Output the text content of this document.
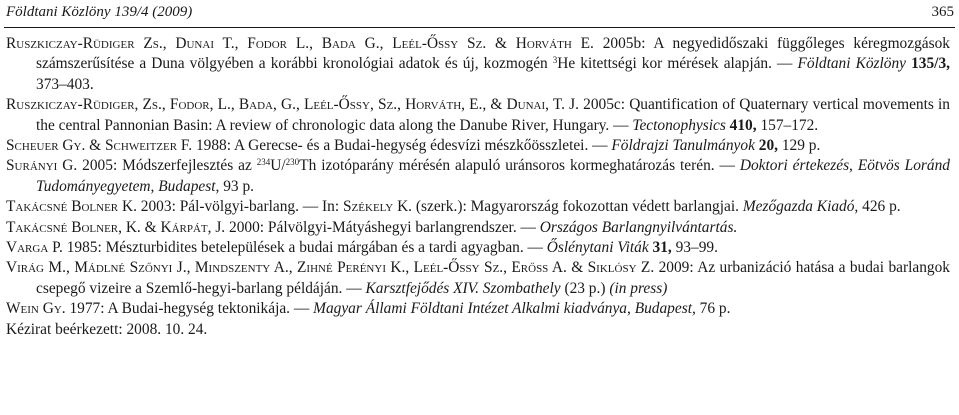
Földtani Közlöny 139/4 (2009)	365

Ruszkiczay-Rüdiger Zs., Dunai T., Fodor L., Bada G., Leél-Őssy Sz. & Horváth E. 2005b: A negyedidőszaki függőleges kéregmozgások számszerűsítése a Duna völgyében a korábbi kronológiai adatok és új, kozmogén $^3$He kitettségi kor mérések alapján. — Földtani Közlöny 135/3, 373–403.

Ruszkiczay-Rüdiger, Zs., Fodor, L., Bada, G., Leél-Őssy, Sz., Horváth, E., & Dunai, T. J. 2005c: Quantification of Quaternary vertical movements in the central Pannonian Basin: A review of chronologic data along the Danube River, Hungary. — Tectonophysics 410, 157–172.

Scheuer Gy. & Schweitzer F. 1988: A Gerecse- és a Budai-hegység édesvízi mészkőösszletei. — Földrajzi Tanulmányok 20, 129 p.

Surányi G. 2005: Módszerfejlesztés az $^{234}$U/$^{230}$Th izotóparány mérésén alapuló uránsoros kormeghatározás terén. — Doktori értekezés, Eötvös Loránd Tudományegyetem, Budapest, 93 p.

Takácsné Bolner K. 2003: Pál-völgyi-barlang. — In: Székely K. (szerk.): Magyarország fokozottan védett barlangjai. Mezőgazda Kiadó, 426 p.

Takácsné Bolner, K. & Kárpát, J. 2000: Pálvölgyi-Mátyáshegyi barlangrendszer. — Országos Barlangnyilvántartás.

Varga P. 1985: Mészturbidites betelepülések a budai márgában és a tardi agyagban. — Őslénytani Viták 31, 93–99.

Virág M., Mádlné Szőnyi J., Mindszenty A., Zihné Perényi K., Leél-Őssy Sz., Erőss A. & Siklósy Z. 2009: Az urbanizáció hatása a budai barlangok csepegő vizeire a Szemlő-hegyi-barlang példáján. — Karsztfejődés XIV. Szombathely (23 p.) (in press)

Wein Gy. 1977: A Budai-hegység tektonikája. — Magyar Állami Földtani Intézet Alkalmi kiadványa, Budapest, 76 p.

Kézirat beérkezett: 2008. 10. 24.
